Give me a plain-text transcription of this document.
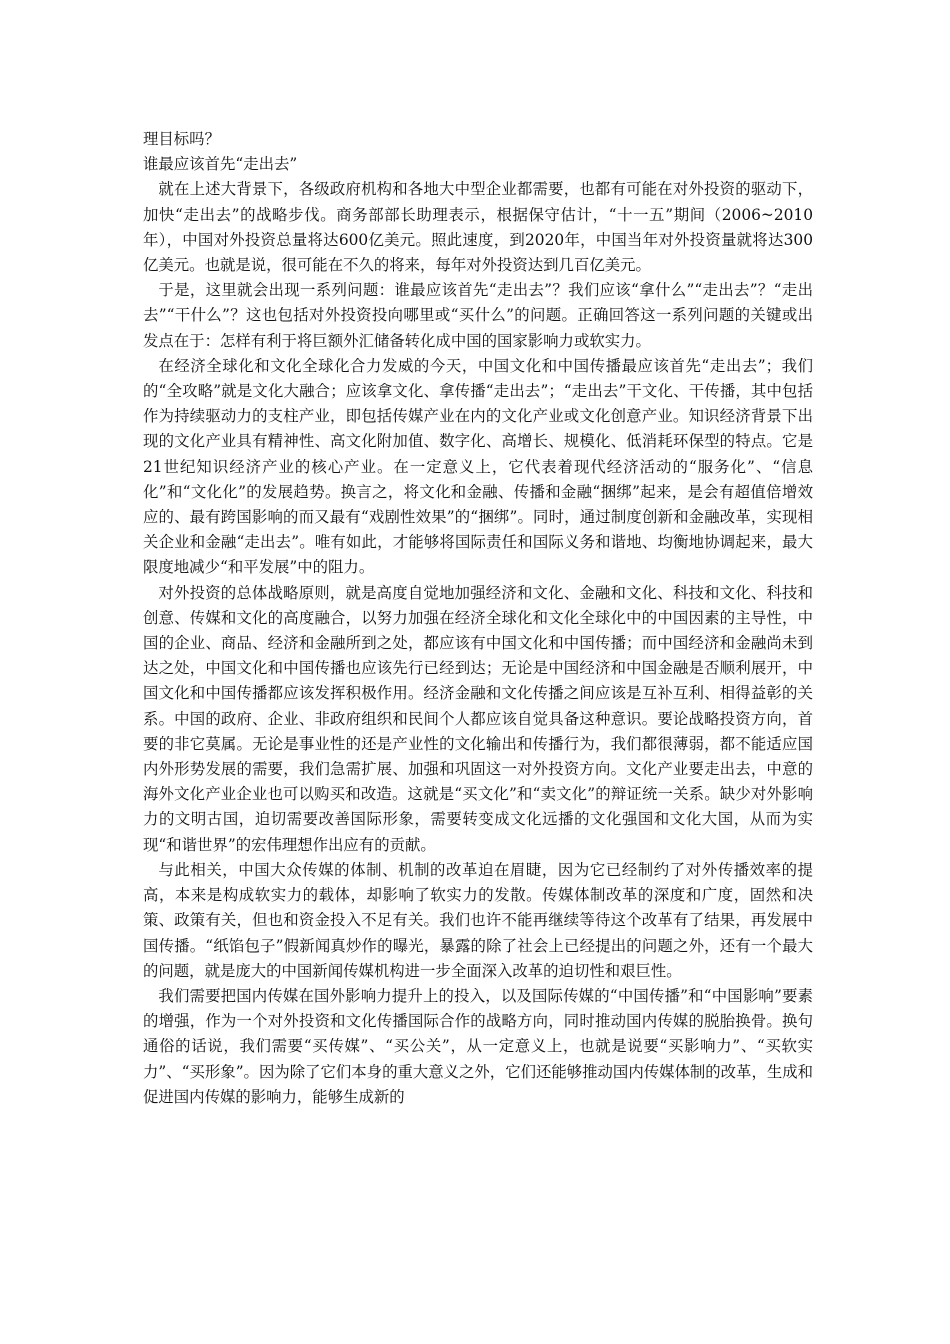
理目标吗？

谁最应该首先“走出去”

就在上述大背景下，各级政府机构和各地大中型企业都需要，也都有可能在对外投资的驱动下，加快“走出去”的战略步伐。商务部部长助理表示，根据保守估计，“十一五”期间（2006~2010年），中国对外投资总量将达600亿美元。照此速度，到2020年，中国当年对外投资量就将达300亿美元。也就是说，很可能在不久的将来，每年对外投资达到几百亿美元。

于是，这里就会出现一系列问题：谁最应该首先“走出去”？我们应该“拿什么”“走出去”？“走出去”“干什么”？这也包括对外投资投向哪里或“买什么”的问题。正确回答这一系列问题的关键或出发点在于：怎样有利于将巨额外汇储备转化成中国的国家影响力或软实力。

在经济全球化和文化全球化合力发威的今天，中国文化和中国传播最应该首先“走出去”；我们的“全攻略”就是文化大融合；应该拿文化、拿传播“走出去”；“走出去”干文化、干传播，其中包括作为持续驱动力的支柱产业，即包括传媒产业在内的文化产业或文化创意产业。知识经济背景下出现的文化产业具有精神性、高文化附加值、数字化、高增长、规模化、低消耗环保型的特点。它是21世纪知识经济产业的核心产业。在一定意义上，它代表着现代经济活动的“服务化”、“信息化”和“文化化”的发展趋势。换言之，将文化和金融、传播和金融“捆绑”起来，是会有超值倍增效应的、最有跨国影响的而又最有“戏剧性效果”的“捆绑”。同时，通过制度创新和金融改革，实现相关企业和金融“走出去”。唯有如此，才能够将国际责任和国际义务和谐地、均衡地协调起来，最大限度地减少“和平发展”中的阻力。

对外投资的总体战略原则，就是高度自觉地加强经济和文化、金融和文化、科技和文化、科技和创意、传媒和文化的高度融合，以努力加强在经济全球化和文化全球化中的中国因素的主导性，中国的企业、商品、经济和金融所到之处，都应该有中国文化和中国传播；而中国经济和金融尚未到达之处，中国文化和中国传播也应该先行已经到达；无论是中国经济和中国金融是否顺利展开，中国文化和中国传播都应该发挥积极作用。经济金融和文化传播之间应该是互补互利、相得益彰的关系。中国的政府、企业、非政府组织和民间个人都应该自觉具备这种意识。要论战略投资方向，首要的非它莫属。无论是事业性的还是产业性的文化输出和传播行为，我们都很薄弱，都不能适应国内外形势发展的需要，我们急需扩展、加强和巩固这一对外投资方向。文化产业要走出去，中意的海外文化产业企业也可以购买和改造。这就是“买文化”和“卖文化”的辩证统一关系。缺少对外影响力的文明古国，迫切需要改善国际形象，需要转变成文化远播的文化强国和文化大国，从而为实现“和谐世界”的宏伟理想作出应有的贡献。

与此相关，中国大众传媒的体制、机制的改革迫在眉睫，因为它已经制约了对外传播效率的提高，本来是构成软实力的载体，却影响了软实力的发散。传媒体制改革的深度和广度，固然和决策、政策有关，但也和资金投入不足有关。我们也许不能再继续等待这个改革有了结果，再发展中国传播。“纸馅包子”假新闻真炒作的曝光，暴露的除了社会上已经提出的问题之外，还有一个最大的问题，就是庞大的中国新闻传媒机构进一步全面深入改革的迫切性和艰巨性。

我们需要把国内传媒在国外影响力提升上的投入，以及国际传媒的“中国传播”和“中国影响”要素的增强，作为一个对外投资和文化传播国际合作的战略方向，同时推动国内传媒的脱胎换骨。换句通俗的话说，我们需要“买传媒”、“买公关”，从一定意义上，也就是说要“买影响力”、“买软实力”、“买形象”。因为除了它们本身的重大意义之外，它们还能够推动国内传媒体制的改革，生成和促进国内传媒的影响力，能够生成新的
